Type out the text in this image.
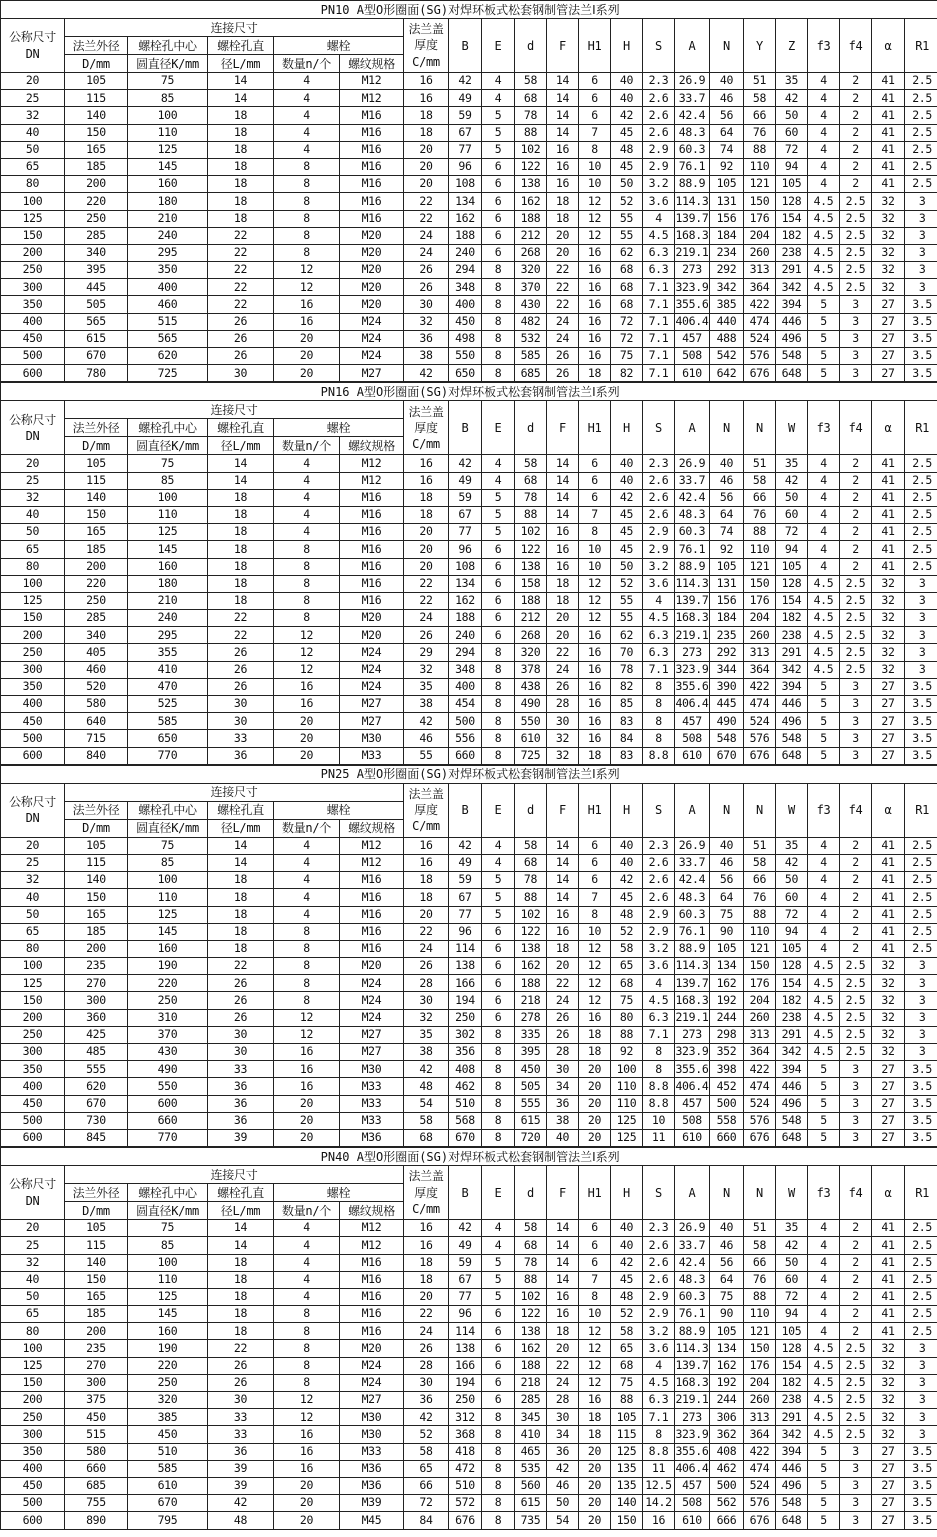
PN10 A型O形圈面(SG)对焊环板式松套钢制管法兰Ⅰ系列																					

公称尺寸
DN	连接尺寸					法兰盖
厚度
C/mm	B	E	d	F	H1	H	S	A	N	Y	Z	f3	f4	α	R1
	法兰外径	螺栓孔中心	螺栓孔直	螺栓																	
	D/mm	圆直径K/mm	径L/mm	数量n/个	螺纹规格																
20	105	75	14	4	M12	16	42	4	58	14	6	40	2.3	26.9	40	51	35	4	2	41	2.5
25	115	85	14	4	M12	16	49	4	68	14	6	40	2.6	33.7	46	58	42	4	2	41	2.5
32	140	100	18	4	M16	18	59	5	78	14	6	42	2.6	42.4	56	66	50	4	2	41	2.5
40	150	110	18	4	M16	18	67	5	88	14	7	45	2.6	48.3	64	76	60	4	2	41	2.5
50	165	125	18	4	M16	20	77	5	102	16	8	48	2.9	60.3	74	88	72	4	2	41	2.5
65	185	145	18	8	M16	20	96	6	122	16	10	45	2.9	76.1	92	110	94	4	2	41	2.5
80	200	160	18	8	M16	20	108	6	138	16	10	50	3.2	88.9	105	121	105	4	2	41	2.5
100	220	180	18	8	M16	22	134	6	162	18	12	52	3.6	114.3	131	150	128	4.5	2.5	32	3
125	250	210	18	8	M16	22	162	6	188	18	12	55	4	139.7	156	176	154	4.5	2.5	32	3
150	285	240	22	8	M20	24	188	6	212	20	12	55	4.5	168.3	184	204	182	4.5	2.5	32	3
200	340	295	22	8	M20	24	240	6	268	20	16	62	6.3	219.1	234	260	238	4.5	2.5	32	3
250	395	350	22	12	M20	26	294	8	320	22	16	68	6.3	273	292	313	291	4.5	2.5	32	3
300	445	400	22	12	M20	26	348	8	370	22	16	68	7.1	323.9	342	364	342	4.5	2.5	32	3
350	505	460	22	16	M20	30	400	8	430	22	16	68	7.1	355.6	385	422	394	5	3	27	3.5
400	565	515	26	16	M24	32	450	8	482	24	16	72	7.1	406.4	440	474	446	5	3	27	3.5
450	615	565	26	20	M24	36	498	8	532	24	16	72	7.1	457	488	524	496	5	3	27	3.5
500	670	620	26	20	M24	38	550	8	585	26	16	75	7.1	508	542	576	548	5	3	27	3.5
600	780	725	30	20	M27	42	650	8	685	26	18	82	7.1	610	642	676	648	5	3	27	3.5
PN16 A型O形圈面(SG)对焊环板式松套钢制管法兰Ⅰ系列																					

公称尺寸
DN	连接尺寸					法兰盖
厚度
C/mm	B	E	d	F	H1	H	S	A	N	N	W	f3	f4	α	R1
	法兰外径	螺栓孔中心	螺栓孔直	螺栓																	
	D/mm	圆直径K/mm	径L/mm	数量n/个	螺纹规格																
20	105	75	14	4	M12	16	42	4	58	14	6	40	2.3	26.9	40	51	35	4	2	41	2.5
25	115	85	14	4	M12	16	49	4	68	14	6	40	2.6	33.7	46	58	42	4	2	41	2.5
32	140	100	18	4	M16	18	59	5	78	14	6	42	2.6	42.4	56	66	50	4	2	41	2.5
40	150	110	18	4	M16	18	67	5	88	14	7	45	2.6	48.3	64	76	60	4	2	41	2.5
50	165	125	18	4	M16	20	77	5	102	16	8	45	2.9	60.3	74	88	72	4	2	41	2.5
65	185	145	18	8	M16	20	96	6	122	16	10	45	2.9	76.1	92	110	94	4	2	41	2.5
80	200	160	18	8	M16	20	108	6	138	16	10	50	3.2	88.9	105	121	105	4	2	41	2.5
100	220	180	18	8	M16	22	134	6	158	18	12	52	3.6	114.3	131	150	128	4.5	2.5	32	3
125	250	210	18	8	M16	22	162	6	188	18	12	55	4	139.7	156	176	154	4.5	2.5	32	3
150	285	240	22	8	M20	24	188	6	212	20	12	55	4.5	168.3	184	204	182	4.5	2.5	32	3
200	340	295	22	12	M20	26	240	6	268	20	16	62	6.3	219.1	235	260	238	4.5	2.5	32	3
250	405	355	26	12	M24	29	294	8	320	22	16	70	6.3	273	292	313	291	4.5	2.5	32	3
300	460	410	26	12	M24	32	348	8	378	24	16	78	7.1	323.9	344	364	342	4.5	2.5	32	3
350	520	470	26	16	M24	35	400	8	438	26	16	82	8	355.6	390	422	394	5	3	27	3.5
400	580	525	30	16	M27	38	454	8	490	28	16	85	8	406.4	445	474	446	5	3	27	3.5
450	640	585	30	20	M27	42	500	8	550	30	16	83	8	457	490	524	496	5	3	27	3.5
500	715	650	33	20	M30	46	556	8	610	32	16	84	8	508	548	576	548	5	3	27	3.5
600	840	770	36	20	M33	55	660	8	725	32	18	83	8.8	610	670	676	648	5	3	27	3.5
PN25 A型O形圈面(SG)对焊环板式松套钢制管法兰Ⅰ系列																					

公称尺寸
DN	连接尺寸					法兰盖
厚度
C/mm	B	E	d	F	H1	H	S	A	N	N	W	f3	f4	α	R1
	法兰外径	螺栓孔中心	螺栓孔直	螺栓																	
	D/mm	圆直径K/mm	径L/mm	数量n/个	螺纹规格																
20	105	75	14	4	M12	16	42	4	58	14	6	40	2.3	26.9	40	51	35	4	2	41	2.5
25	115	85	14	4	M12	16	49	4	68	14	6	40	2.6	33.7	46	58	42	4	2	41	2.5
32	140	100	18	4	M16	18	59	5	78	14	6	42	2.6	42.4	56	66	50	4	2	41	2.5
40	150	110	18	4	M16	18	67	5	88	14	7	45	2.6	48.3	64	76	60	4	2	41	2.5
50	165	125	18	4	M16	20	77	5	102	16	8	48	2.9	60.3	75	88	72	4	2	41	2.5
65	185	145	18	8	M16	22	96	6	122	16	10	52	2.9	76.1	90	110	94	4	2	41	2.5
80	200	160	18	8	M16	24	114	6	138	18	12	58	3.2	88.9	105	121	105	4	2	41	2.5
100	235	190	22	8	M20	26	138	6	162	20	12	65	3.6	114.3	134	150	128	4.5	2.5	32	3
125	270	220	26	8	M24	28	166	6	188	22	12	68	4	139.7	162	176	154	4.5	2.5	32	3
150	300	250	26	8	M24	30	194	6	218	24	12	75	4.5	168.3	192	204	182	4.5	2.5	32	3
200	360	310	26	12	M24	32	250	6	278	26	16	80	6.3	219.1	244	260	238	4.5	2.5	32	3
250	425	370	30	12	M27	35	302	8	335	26	18	88	7.1	273	298	313	291	4.5	2.5	32	3
300	485	430	30	16	M27	38	356	8	395	28	18	92	8	323.9	352	364	342	4.5	2.5	32	3
350	555	490	33	16	M30	42	408	8	450	30	20	100	8	355.6	398	422	394	5	3	27	3.5
400	620	550	36	16	M33	48	462	8	505	34	20	110	8.8	406.4	452	474	446	5	3	27	3.5
450	670	600	36	20	M33	54	510	8	555	36	20	110	8.8	457	500	524	496	5	3	27	3.5
500	730	660	36	20	M33	58	568	8	615	38	20	125	10	508	558	576	548	5	3	27	3.5
600	845	770	39	20	M36	68	670	8	720	40	20	125	11	610	660	676	648	5	3	27	3.5
PN40 A型O形圈面(SG)对焊环板式松套钢制管法兰Ⅰ系列																					

公称尺寸
DN	连接尺寸					法兰盖
厚度
C/mm	B	E	d	F	H1	H	S	A	N	N	W	f3	f4	α	R1
	法兰外径	螺栓孔中心	螺栓孔直	螺栓																	
	D/mm	圆直径K/mm	径L/mm	数量n/个	螺纹规格																
20	105	75	14	4	M12	16	42	4	58	14	6	40	2.3	26.9	40	51	35	4	2	41	2.5
25	115	85	14	4	M12	16	49	4	68	14	6	40	2.6	33.7	46	58	42	4	2	41	2.5
32	140	100	18	4	M16	18	59	5	78	14	6	42	2.6	42.4	56	66	50	4	2	41	2.5
40	150	110	18	4	M16	18	67	5	88	14	7	45	2.6	48.3	64	76	60	4	2	41	2.5
50	165	125	18	4	M16	20	77	5	102	16	8	48	2.9	60.3	75	88	72	4	2	41	2.5
65	185	145	18	8	M16	22	96	6	122	16	10	52	2.9	76.1	90	110	94	4	2	41	2.5
80	200	160	18	8	M16	24	114	6	138	18	12	58	3.2	88.9	105	121	105	4	2	41	2.5
100	235	190	22	8	M20	26	138	6	162	20	12	65	3.6	114.3	134	150	128	4.5	2.5	32	3
125	270	220	26	8	M24	28	166	6	188	22	12	68	4	139.7	162	176	154	4.5	2.5	32	3
150	300	250	26	8	M24	30	194	6	218	24	12	75	4.5	168.3	192	204	182	4.5	2.5	32	3
200	375	320	30	12	M27	36	250	6	285	28	16	88	6.3	219.1	244	260	238	4.5	2.5	32	3
250	450	385	33	12	M30	42	312	8	345	30	18	105	7.1	273	306	313	291	4.5	2.5	32	3
300	515	450	33	16	M30	52	368	8	410	34	18	115	8	323.9	362	364	342	4.5	2.5	32	3
350	580	510	36	16	M33	58	418	8	465	36	20	125	8.8	355.6	408	422	394	5	3	27	3.5
400	660	585	39	16	M36	65	472	8	535	42	20	135	11	406.4	462	474	446	5	3	27	3.5
450	685	610	39	20	M36	66	510	8	560	46	20	135	12.5	457	500	524	496	5	3	27	3.5
500	755	670	42	20	M39	72	572	8	615	50	20	140	14.2	508	562	576	548	5	3	27	3.5
600	890	795	48	20	M45	84	676	8	735	54	20	150	16	610	666	676	648	5	3	27	3.5
